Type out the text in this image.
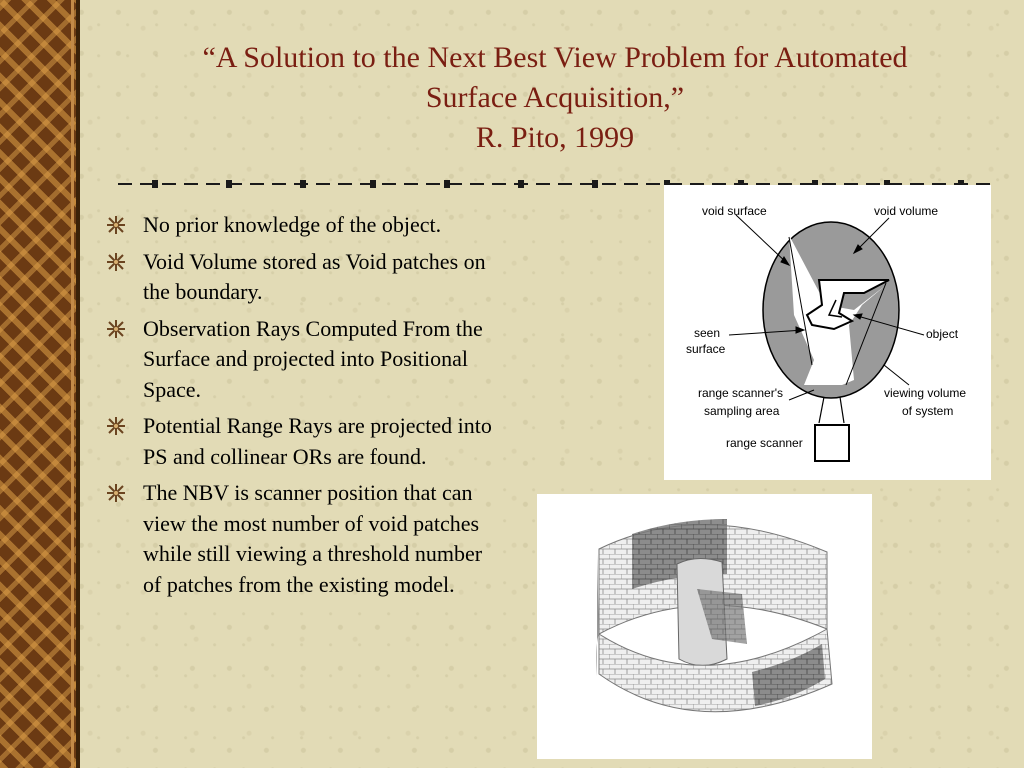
“A Solution to the Next Best View Problem for Automated
Surface Acquisition,”
R. Pito, 1999
No prior knowledge of the object.
Void Volume stored as Void patches on the boundary.
Observation Rays Computed From the Surface and projected into Positional Space.
Potential Range Rays are projected into PS and collinear ORs are found.
The NBV is scanner position that can view the most number of void patches while still viewing a threshold number of patches from the existing model.
void surface	void volume
seen
surface
object
range scanner's
sampling area
viewing volume
of system
range scanner
